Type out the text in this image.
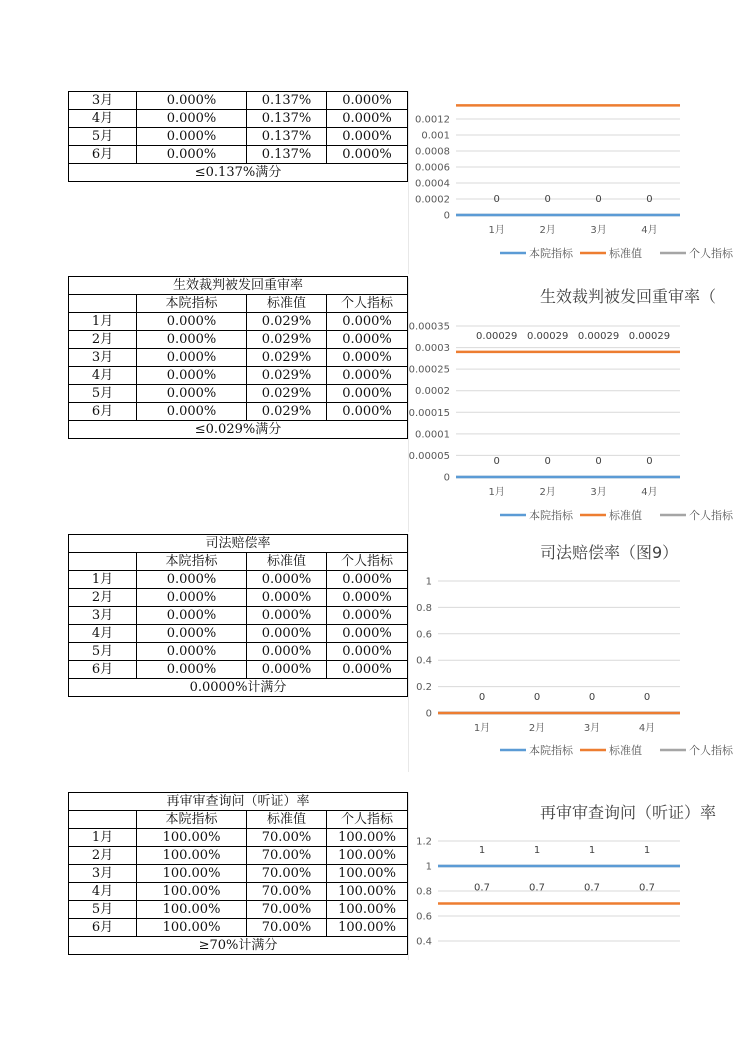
3月	0.000%	0.137%	0.000%
4月	0.000%	0.137%	0.000%
5月	0.000%	0.137%	0.000%
6月	0.000%	0.137%	0.000%
≤0.137%满分			
生效裁判被发回重审率			
	本院指标	标准值	个人指标
1月	0.000%	0.029%	0.000%
2月	0.000%	0.029%	0.000%
3月	0.000%	0.029%	0.000%
4月	0.000%	0.029%	0.000%
5月	0.000%	0.029%	0.000%
6月	0.000%	0.029%	0.000%
≤0.029%满分			
司法赔偿率			
	本院指标	标准值	个人指标
1月	0.000%	0.000%	0.000%
2月	0.000%	0.000%	0.000%
3月	0.000%	0.000%	0.000%
4月	0.000%	0.000%	0.000%
5月	0.000%	0.000%	0.000%
6月	0.000%	0.000%	0.000%
0.0000%计满分			
再审审查询问（听证）率			
	本院指标	标准值	个人指标
1月	100.00%	70.00%	100.00%
2月	100.00%	70.00%	100.00%
3月	100.00%	70.00%	100.00%
4月	100.00%	70.00%	100.00%
5月	100.00%	70.00%	100.00%
6月	100.00%	70.00%	100.00%
≥70%计满分			
0.0012
0.001
0.0008
0.0006
0.0004
0.0002
0
1月	2月	3月	4月
0	0	0	0
本院指标	标准值	个人指标
生效裁判被发回重审率（
0.00035
0.0003
0.00025
0.0002
0.00015
0.0001
0.00005
0
1月	2月	3月	4月
0	0	0	0
0.00029 0.00029 0.00029 0.00029
本院指标	标准值	个人指标
司法赔偿率（图9）
1
0.8
0.6
0.4
0.2
0
1月	2月	3月	4月
0	0	0	0
本院指标	标准值	个人指标
再审审查询问（听证）率
1.2
1
0.8
0.6
0.4
1	1	1	1
0.7	0.7	0.7	0.7
